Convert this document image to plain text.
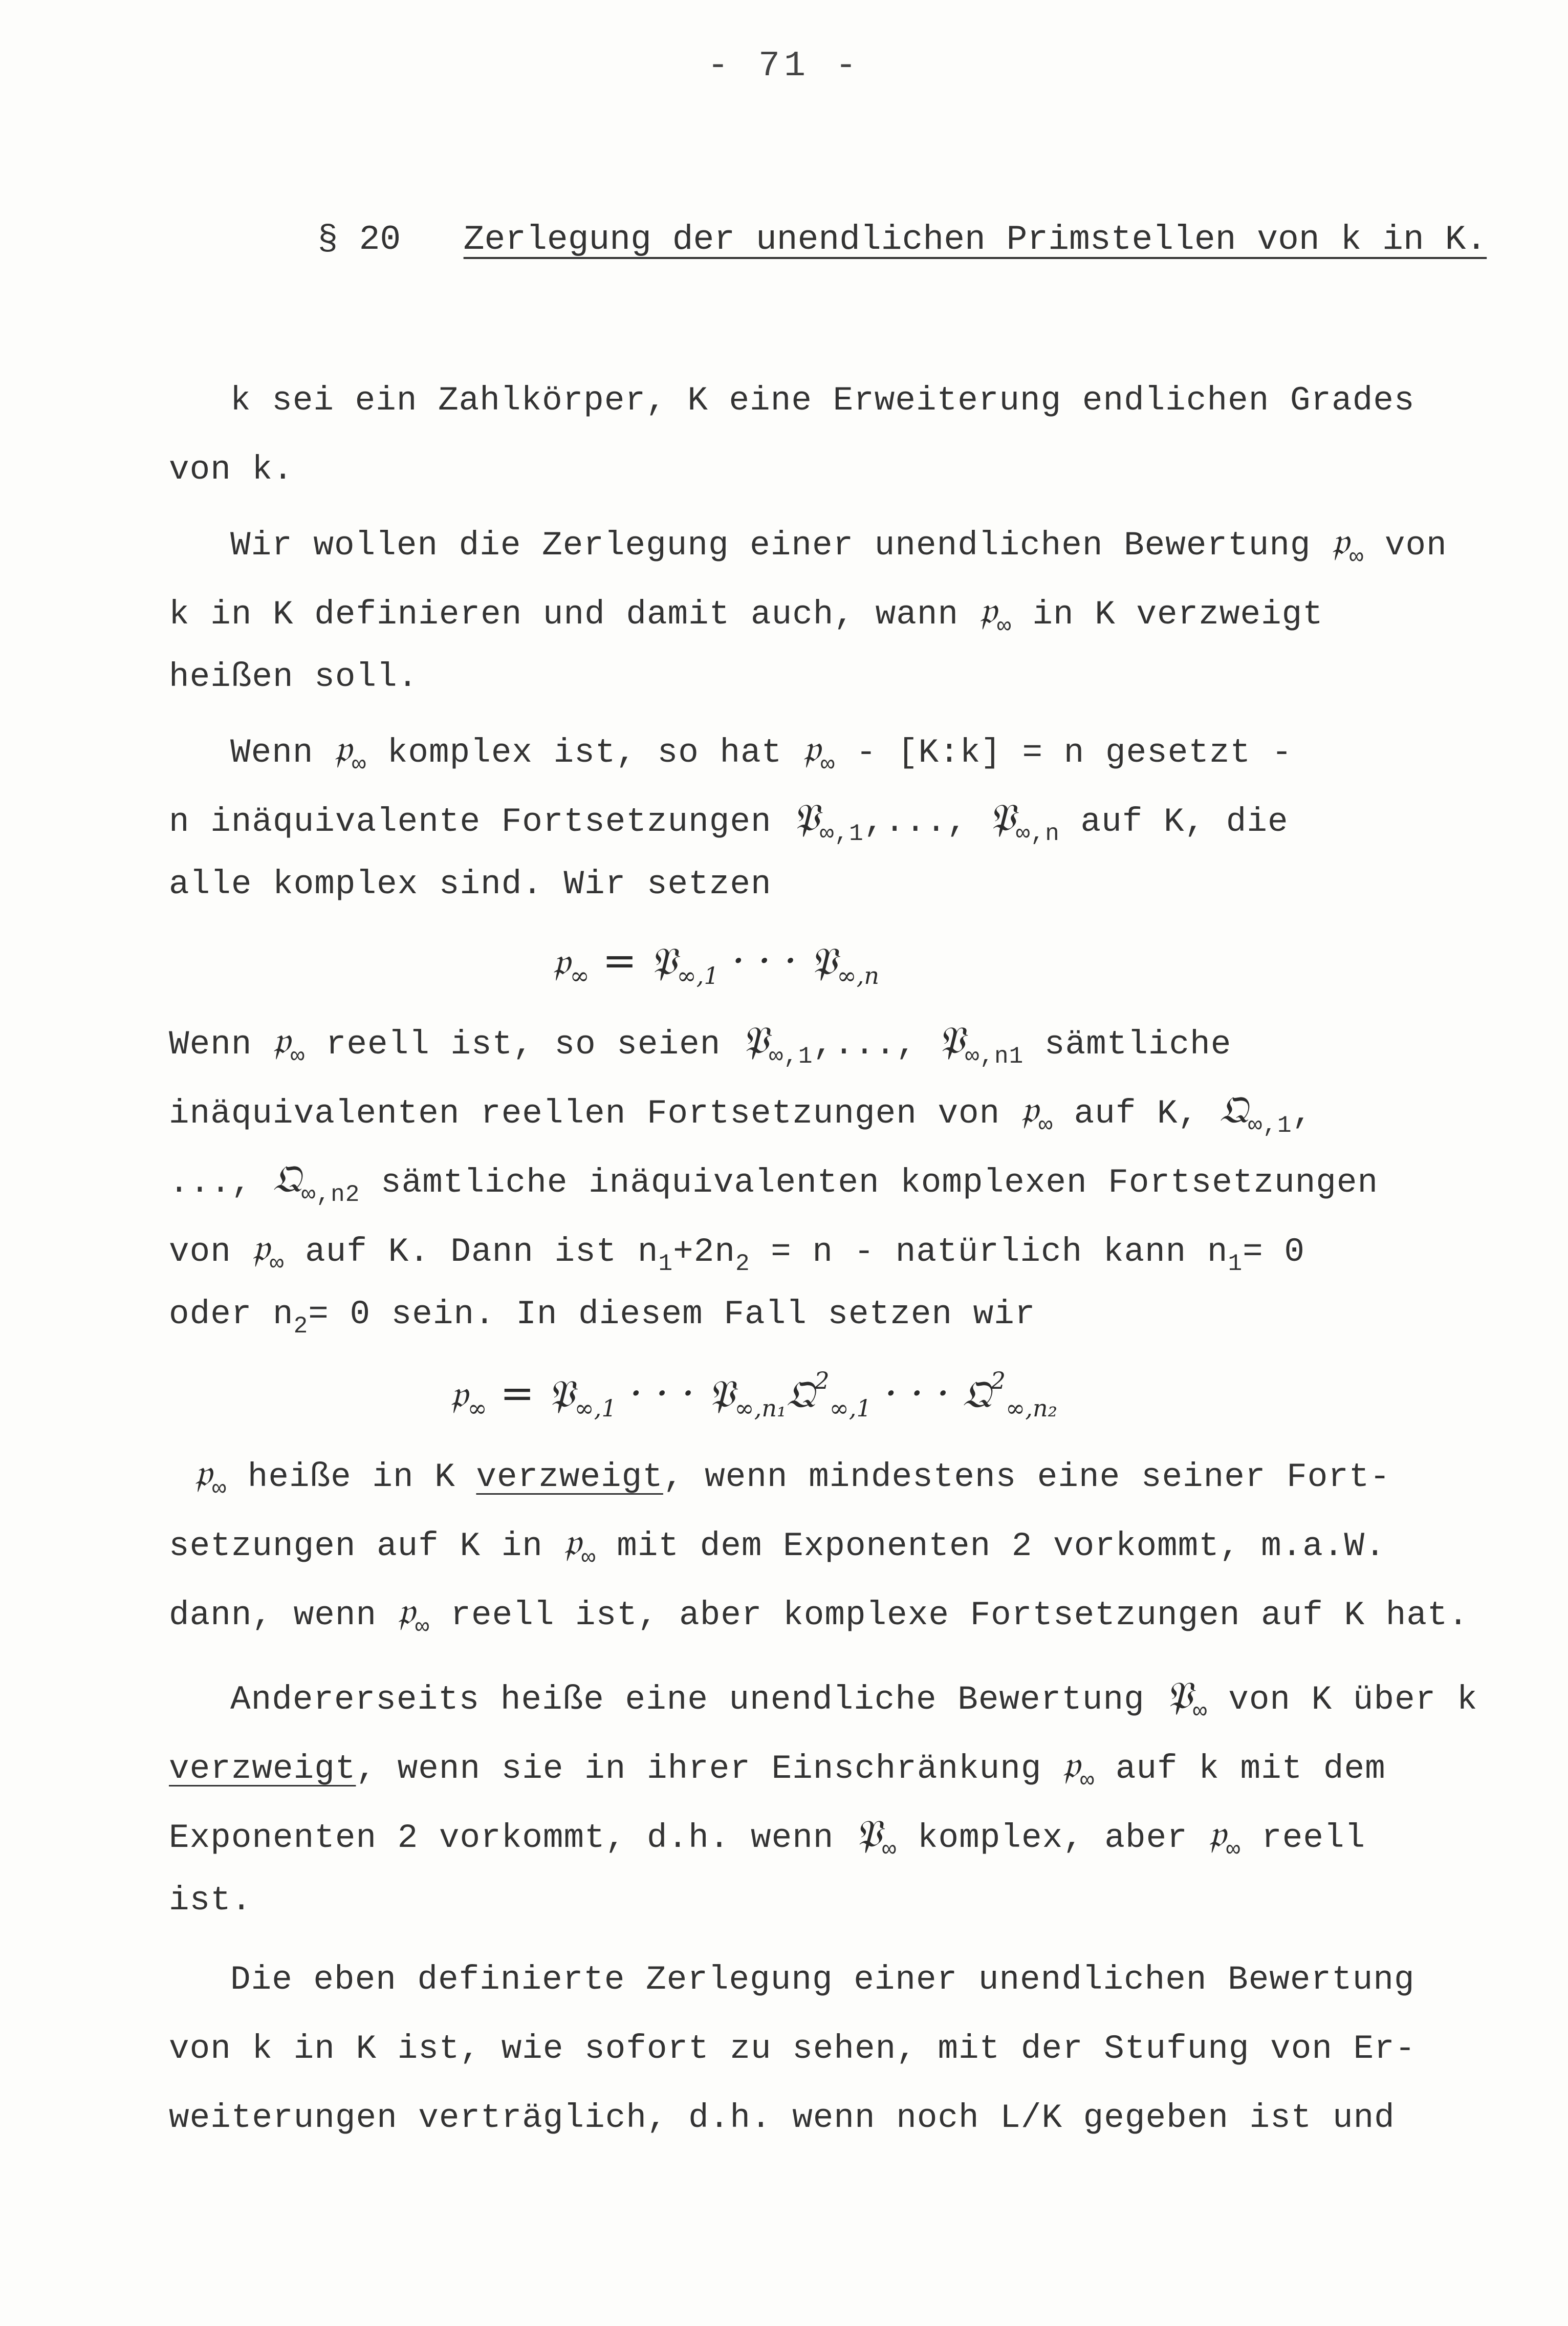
- 71 -
§ 20 Zerlegung der unendlichen Primstellen von k in K.
k sei ein Zahlkörper, K eine Erweiterung endlichen Grades
von k.
Wir wollen die Zerlegung einer unendlichen Bewertung 𝔭$_\infty$ von
k in K definieren und damit auch, wann 𝔭$_\infty$ in K verzweigt
heißen soll.
Wenn 𝔭$_\infty$ komplex ist, so hat 𝔭$_\infty$ - [K:k] = n gesetzt -
n inäquivalente Fortsetzungen 𝔓$_{\infty,1}$,..., 𝔓$_{\infty,n}$ auf K, die
alle komplex sind. Wir setzen
𝔭$_\infty$ = 𝔓$_{\infty,1}$ · · · 𝔓$_{\infty,n}$
Wenn 𝔭$_\infty$ reell ist, so seien 𝔓$_{\infty,1}$,..., 𝔓$_{\infty,n1}$ sämtliche
inäquivalenten reellen Fortsetzungen von 𝔭$_\infty$ auf K, 𝔔$_{\infty,1}$,
..., 𝔔$_{\infty,n2}$ sämtliche inäquivalenten komplexen Fortsetzungen
von 𝔭$_\infty$ auf K. Dann ist $n_1+2n_2 = n$ - natürlich kann $n_1= 0$
oder $n_2= 0$ sein. In diesem Fall setzen wir
𝔭$_\infty$ = 𝔓$_{\infty,1}$ · · · 𝔓$_{\infty,n_1}$𝔔$^2_{\infty,1}$ · · · 𝔔$^2_{\infty,n_2}$
𝔭$_\infty$ heiße in K verzweigt, wenn mindestens eine seiner Fort-
setzungen auf K in 𝔭$_\infty$ mit dem Exponenten 2 vorkommt, m.a.W.
dann, wenn 𝔭$_\infty$ reell ist, aber komplexe Fortsetzungen auf K hat.
Andererseits heiße eine unendliche Bewertung 𝔓$_\infty$ von K über k
verzweigt, wenn sie in ihrer Einschränkung 𝔭$_\infty$ auf k mit dem
Exponenten 2 vorkommt, d.h. wenn 𝔓$_\infty$ komplex, aber 𝔭$_\infty$ reell
ist.
Die eben definierte Zerlegung einer unendlichen Bewertung
von k in K ist, wie sofort zu sehen, mit der Stufung von Er-
weiterungen verträglich, d.h. wenn noch L/K gegeben ist und
